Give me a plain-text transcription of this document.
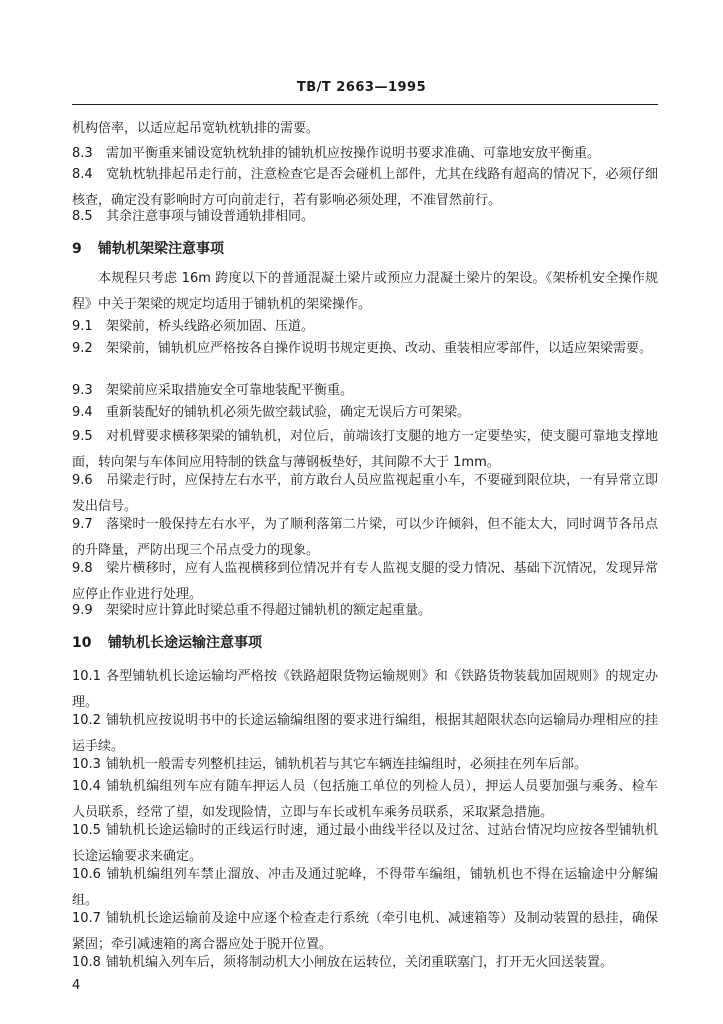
TB/T 2663—1995
机构倍率，以适应起吊宽轨枕轨排的需要。
8.3 需加平衡重来铺设宽轨枕轨排的铺轨机应按操作说明书要求准确、可靠地安放平衡重。
8.4 宽轨枕轨排起吊走行前，注意检查它是否会碰机上部件，尤其在线路有超高的情况下，必须仔细核查，确定没有影响时方可向前走行，若有影响必须处理，不准冒然前行。
8.5 其余注意事项与铺设普通轨排相同。
9 铺轨机架梁注意事项
本规程只考虑 16m 跨度以下的普通混凝土梁片或预应力混凝土梁片的架设。《架桥机安全操作规程》中关于架梁的规定均适用于铺轨机的架梁操作。
9.1 架梁前，桥头线路必须加固、压道。
9.2 架梁前，铺轨机应严格按各自操作说明书规定更换、改动、重装相应零部件，以适应架梁需要。
9.3 架梁前应采取措施安全可靠地装配平衡重。
9.4 重新装配好的铺轨机必须先做空载试验，确定无误后方可架梁。
9.5 对机臂要求横移架梁的铺轨机，对位后，前端该打支腿的地方一定要垫实，使支腿可靠地支撑地面，转向架与车体间应用特制的铁盒与薄钢板垫好，其间隙不大于 1mm。
9.6 吊梁走行时，应保持左右水平，前方敢台人员应监视起重小车，不要碰到限位块，一有异常立即发出信号。
9.7 落梁时一般保持左右水平，为了顺利落第二片梁，可以少许倾斜，但不能太大，同时调节各吊点的升降量，严防出现三个吊点受力的现象。
9.8 梁片横移时，应有人监视横移到位情况并有专人监视支腿的受力情况、基础下沉情况，发现异常应停止作业进行处理。
9.9 架梁时应计算此时梁总重不得超过铺轨机的额定起重量。
10 铺轨机长途运输注意事项
10.1 各型铺轨机长途运输均严格按《铁路超限货物运输规则》和《铁路货物装载加固规则》的规定办理。
10.2 铺轨机应按说明书中的长途运输编组图的要求进行编组，根据其超限状态向运输局办理相应的挂运手续。
10.3 铺轨机一般需专列整机挂运，铺轨机若与其它车辆连挂编组时，必须挂在列车后部。
10.4 铺轨机编组列车应有随车押运人员（包括施工单位的列检人员），押运人员要加强与乘务、检车人员联系，经常了望，如发现险情，立即与车长或机车乘务员联系，采取紧急措施。
10.5 铺轨机长途运输时的正线运行时速，通过最小曲线半径以及过岔、过站台情况均应按各型铺轨机长途运输要求来确定。
10.6 铺轨机编组列车禁止溜放、冲击及通过驼峰，不得带车编组，铺轨机也不得在运输途中分解编组。
10.7 铺轨机长途运输前及途中应逐个检查走行系统（牵引电机、减速箱等）及制动装置的悬挂，确保紧固；牵引减速箱的离合器应处于脱开位置。
10.8 铺轨机编入列车后，须将制动机大小闸放在运转位，关闭重联塞门，打开无火回送装置。
4
